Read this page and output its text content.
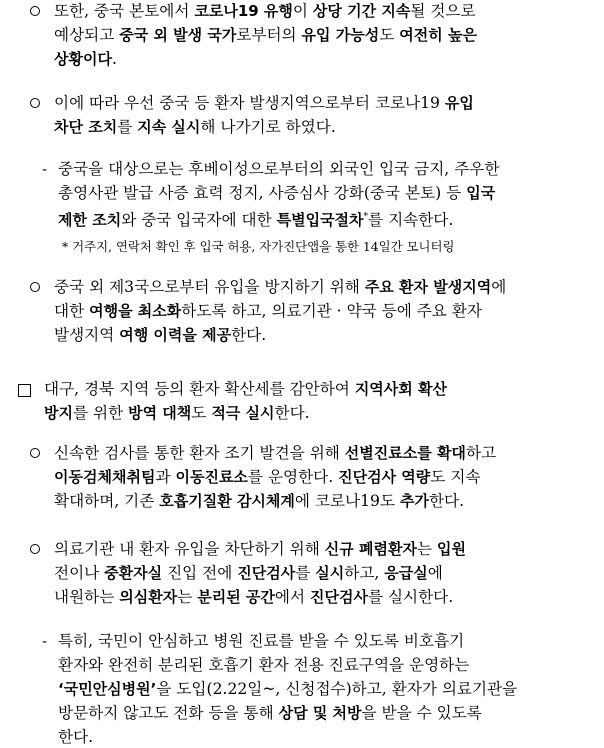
또한, 중국 본토에서 코로나19 유행이 상당 기간 지속될 것으로
예상되고 중국 외 발생 국가로부터의 유입 가능성도 여전히 높은
상황이다.
이에 따라 우선 중국 등 환자 발생지역으로부터 코로나19 유입
차단 조치를 지속 실시해 나가기로 하였다.
- 중국을 대상으로는 후베이성으로부터의 외국인 입국 금지, 주우한
총영사관 발급 사증 효력 정지, 사증심사 강화(중국 본토) 등 입국
제한 조치와 중국 입국자에 대한 특별입국절차*를 지속한다.
* 거주지, 연락처 확인 후 입국 허용, 자가진단앱을 통한 14일간 모니터링
중국 외 제3국으로부터 유입을 방지하기 위해 주요 환자 발생지역에
대한 여행을 최소화하도록 하고, 의료기관 · 약국 등에 주요 환자
발생지역 여행 이력을 제공한다.
대구, 경북 지역 등의 환자 확산세를 감안하여 지역사회 확산
방지를 위한 방역 대책도 적극 실시한다.
신속한 검사를 통한 환자 조기 발견을 위해 선별진료소를 확대하고
이동검체채취팀과 이동진료소를 운영한다. 진단검사 역량도 지속
확대하며, 기존 호흡기질환 감시체계에 코로나19도 추가한다.
의료기관 내 환자 유입을 차단하기 위해 신규 폐렴환자는 입원
전이나 중환자실 진입 전에 진단검사를 실시하고, 응급실에
내원하는 의심환자는 분리된 공간에서 진단검사를 실시한다.
- 특히, 국민이 안심하고 병원 진료를 받을 수 있도록 비호흡기
환자와 완전히 분리된 호흡기 환자 전용 진료구역을 운영하는
‘국민안심병원’을 도입(2.22일~, 신청접수)하고, 환자가 의료기관을
방문하지 않고도 전화 등을 통해 상담 및 처방을 받을 수 있도록
한다.
